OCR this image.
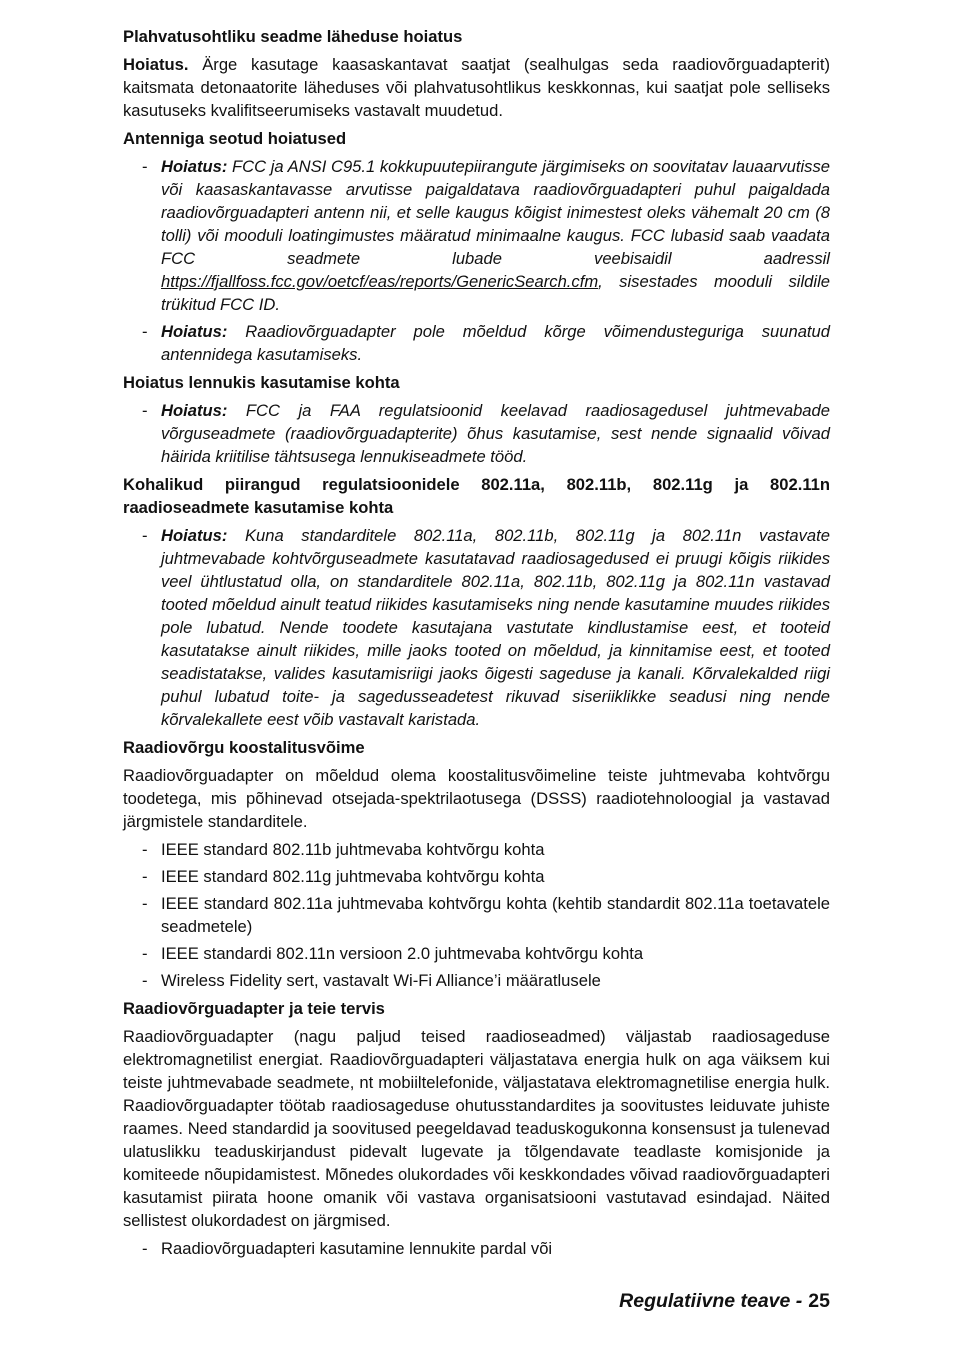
Plahvatusohtliku seadme läheduse hoiatus
Hoiatus. Ärge kasutage kaasaskantavat saatjat (sealhulgas seda raadiovõrguadapterit) kaitsmata detonaatorite läheduses või plahvatusohtlikus keskkonnas, kui saatjat pole selliseks kasutuseks kvalifitseerumiseks vastavalt muudetud.
Antenniga seotud hoiatused
- Hoiatus: FCC ja ANSI C95.1 kokkupuutepiirangute järgimiseks on soovitatav lauaarvutisse või kaasaskantavasse arvutisse paigaldatava raadiovõrguadapteri puhul paigaldada raadiovõrguadapteri antenn nii, et selle kaugus kõigist inimestest oleks vähemalt 20 cm (8 tolli) või mooduli loatingimustes määratud minimaalne kaugus. FCC lubasid saab vaadata FCC seadmete lubade veebisaidil aadressil https://fjallfoss.fcc.gov/oetcf/eas/reports/GenericSearch.cfm, sisestades mooduli sildile trükitud FCC ID.
- Hoiatus: Raadiovõrguadapter pole mõeldud kõrge võimendusteguriga suunatud antennidega kasutamiseks.
Hoiatus lennukis kasutamise kohta
- Hoiatus: FCC ja FAA regulatsioonid keelavad raadiosagedusel juhtmevabade võrguseadmete (raadiovõrguadapterite) õhus kasutamise, sest nende signaalid võivad häirida kriitilise tähtsusega lennukiseadmete tööd.
Kohalikud piirangud regulatsioonidele 802.11a, 802.11b, 802.11g ja 802.11n raadioseadmete kasutamise kohta
- Hoiatus: Kuna standarditele 802.11a, 802.11b, 802.11g ja 802.11n vastavate juhtmevabade kohtvõrguseadmete kasutatavad raadiosagedused ei pruugi kõigis riikides veel ühtlustatud olla, on standarditele 802.11a, 802.11b, 802.11g ja 802.11n vastavad tooted mõeldud ainult teatud riikides kasutamiseks ning nende kasutamine muudes riikides pole lubatud. Nende toodete kasutajana vastutate kindlustamise eest, et tooteid kasutatakse ainult riikides, mille jaoks tooted on mõeldud, ja kinnitamise eest, et tooted seadistatakse, valides kasutamisriigi jaoks õigesti sageduse ja kanali. Kõrvalekalded riigi puhul lubatud toite- ja sagedusseadetest rikuvad siseriiklikke seadusi ning nende kõrvalekallete eest võib vastavalt karistada.
Raadiovõrgu koostalitusvõime
Raadiovõrguadapter on mõeldud olema koostalitusvõimeline teiste juhtmevaba kohtvõrgu toodetega, mis põhinevad otsejada-spektrilaotusega (DSSS) raadiotehnoloogial ja vastavad järgmistele standarditele.
- IEEE standard 802.11b juhtmevaba kohtvõrgu kohta
- IEEE standard 802.11g juhtmevaba kohtvõrgu kohta
- IEEE standard 802.11a juhtmevaba kohtvõrgu kohta (kehtib standardit 802.11a toetavatele seadmetele)
- IEEE standardi 802.11n versioon 2.0 juhtmevaba kohtvõrgu kohta
- Wireless Fidelity sert, vastavalt Wi-Fi Alliance’i määratlusele
Raadiovõrguadapter ja teie tervis
Raadiovõrguadapter (nagu paljud teised raadioseadmed) väljastab raadiosageduse elektromagnetilist energiat. Raadiovõrguadapteri väljastatava energia hulk on aga väiksem kui teiste juhtmevabade seadmete, nt mobiiltelefonide, väljastatava elektromagnetilise energia hulk. Raadiovõrguadapter töötab raadiosageduse ohutusstandardites ja soovitustes leiduvate juhiste raames. Need standardid ja soovitused peegeldavad teaduskogukonna konsensust ja tulenevad ulatuslikku teaduskirjandust pidevalt lugevate ja tõlgendavate teadlaste komisjonide ja komiteede nõupidamistest. Mõnedes olukordades või keskkondades võivad raadiovõrguadapteri kasutamist piirata hoone omanik või vastava organisatsiooni vastutavad esindajad. Näited sellistest olukordadest on järgmised.
- Raadiovõrguadapteri kasutamine lennukite pardal või
Regulatiivne teave - 25
